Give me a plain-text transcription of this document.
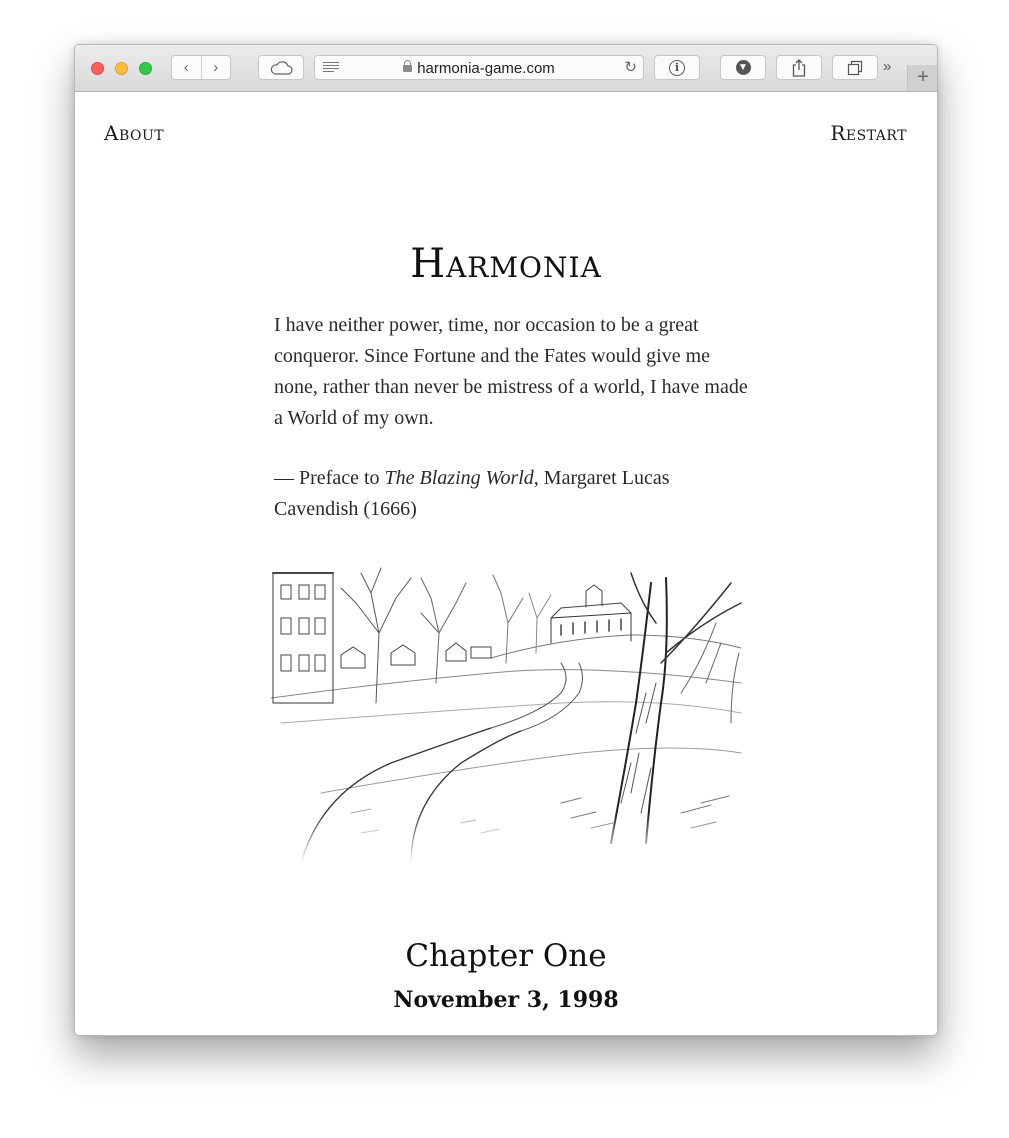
‹	›	harmonia-game.com	↻	i	▼	»	+
About	Restart
Harmonia

I have neither power, time, nor occasion to be a great conqueror. Since Fortune and the Fates would give me none, rather than never be mistress of a world, I have made a World of my own.

— Preface to The Blazing World, Margaret Lucas Cavendish (1666)

Chapter One
November 3, 1998
